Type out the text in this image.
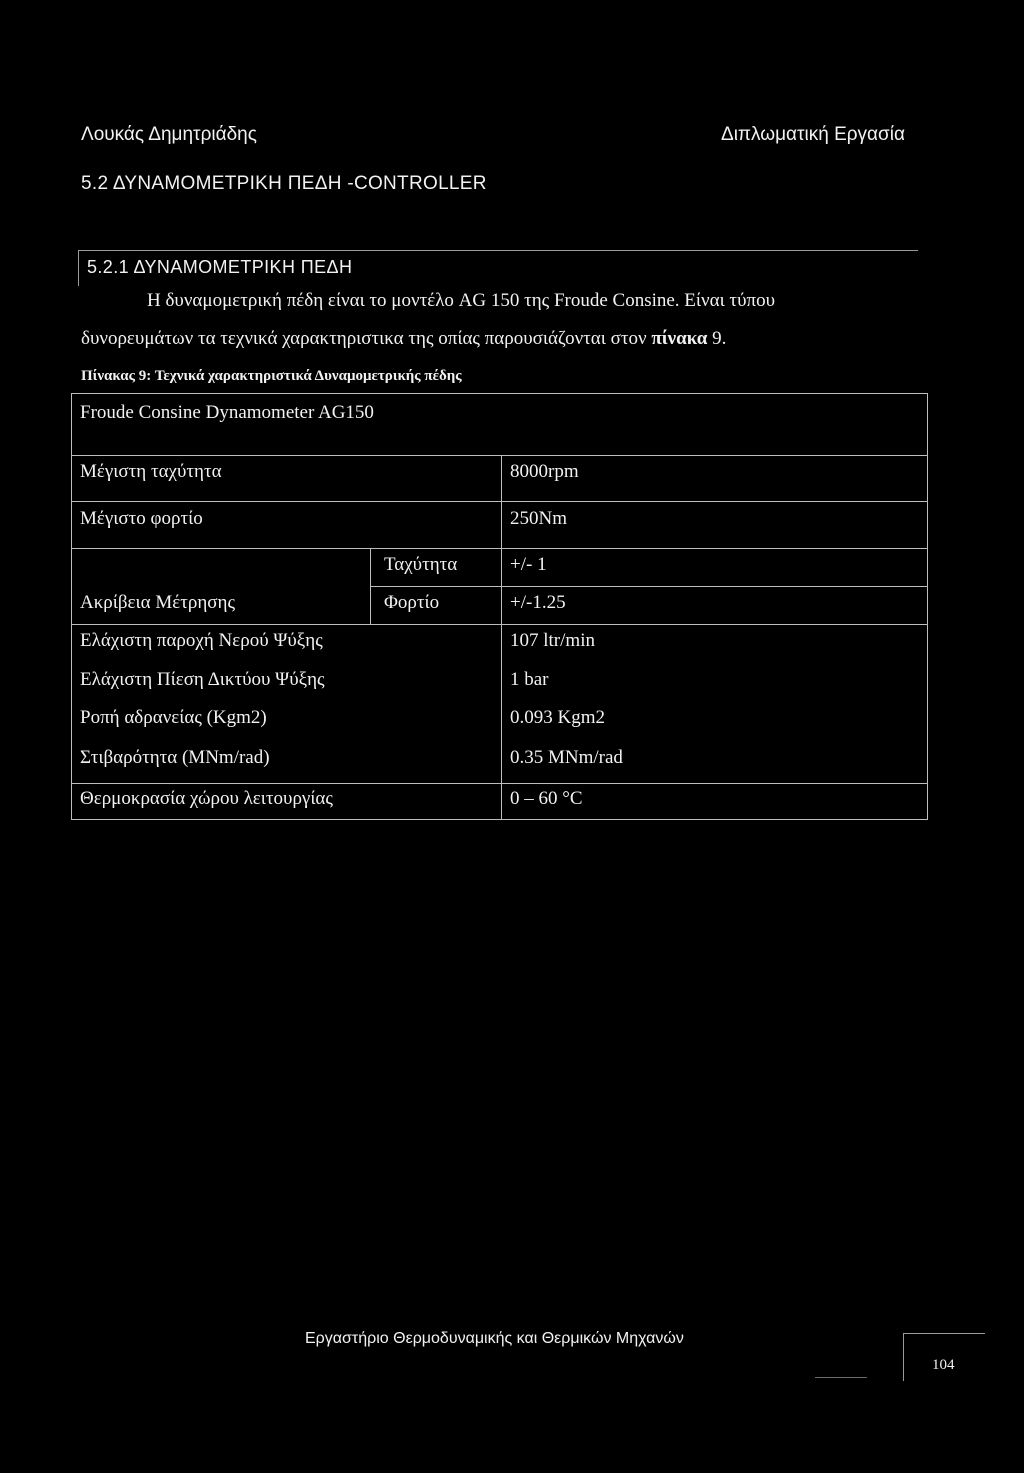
Λουκάς Δημητριάδης	Διπλωματική Εργασία
5.2 ΔΥΝΑΜΟΜΕΤΡΙΚΗ ΠΕΔΗ -CONTROLLER
5.2.1 ΔΥΝΑΜΟΜΕΤΡΙΚΗ ΠΕΔΗ
Η δυναμομετρική πέδη είναι το μοντέλο AG 150 της Froude Consine. Είναι τύπου
δυνορευμάτων τα τεχνικά χαρακτηριστικα της οπίας παρουσιάζονται στον πίνακα 9.
Πίνακας 9: Τεχνικά χαρακτηριστικά Δυναμομετρικής πέδης
Froude Consine Dynamometer AG150
Μέγιστη ταχύτητα	8000rpm
Μέγιστο φορτίο	250Nm
Ακρίβεια Μέτρησης
Ταχύτητα	+/- 1
Φορτίο	+/-1.25
Ελάχιστη παροχή Νερού Ψύξης	107 ltr/min
Ελάχιστη Πίεση Δικτύου Ψύξης	1 bar
Ροπή αδρανείας (Kgm2)	0.093 Kgm2
Στιβαρότητα (MNm/rad)	0.35 MNm/rad
Θερμοκρασία χώρου λειτουργίας	0 – 60 °C
Εργαστήριο Θερμοδυναμικής και Θερμικών Μηχανών
104
